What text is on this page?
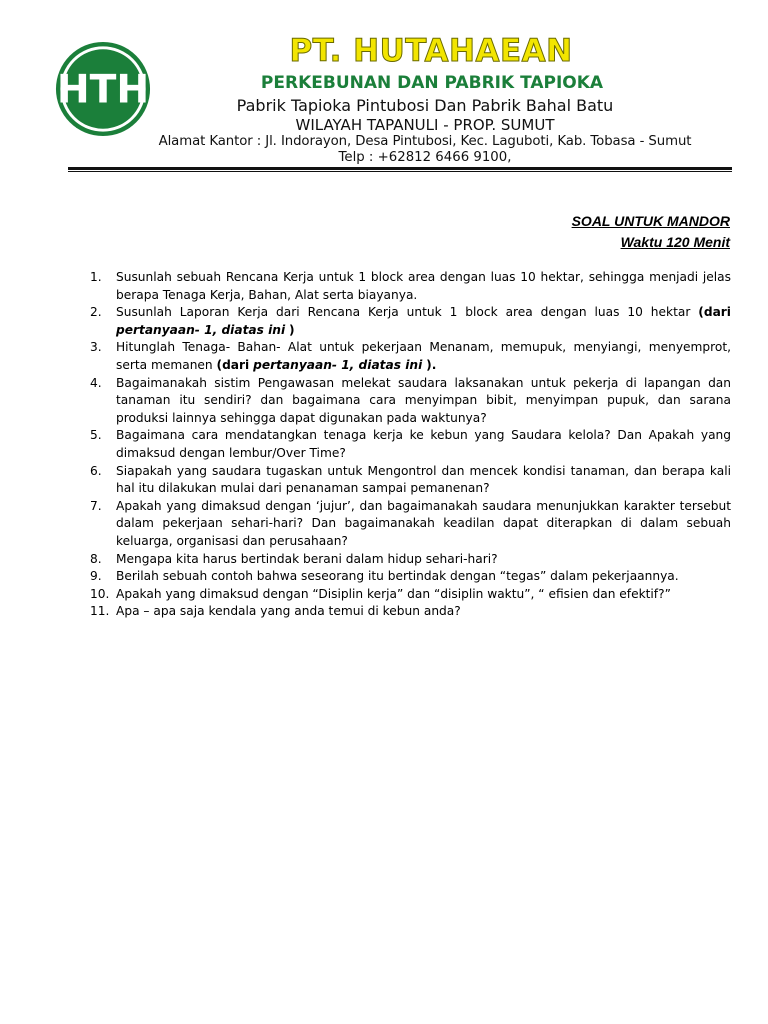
HTH
PT. HUTAHAEAN
PERKEBUNAN DAN PABRIK TAPIOKA
Pabrik Tapioka Pintubosi Dan Pabrik Bahal Batu
WILAYAH TAPANULI - PROP. SUMUT
Alamat Kantor : Jl. Indorayon, Desa Pintubosi, Kec. Laguboti, Kab. Tobasa - Sumut
Telp : +62812 6466 9100,
SOAL UNTUK MANDOR
Waktu 120 Menit
1.	Susunlah sebuah Rencana Kerja untuk 1 block area dengan luas 10 hektar, sehingga menjadi jelas berapa Tenaga Kerja, Bahan, Alat serta biayanya.
2.	Susunlah Laporan Kerja dari Rencana Kerja untuk 1 block area dengan luas 10 hektar (dari pertanyaan- 1, diatas ini )
3.	Hitunglah Tenaga- Bahan- Alat untuk pekerjaan Menanam, memupuk, menyiangi, menyemprot, serta memanen (dari pertanyaan- 1, diatas ini ).
4.	Bagaimanakah sistim Pengawasan melekat saudara laksanakan untuk pekerja di lapangan dan tanaman itu sendiri? dan bagaimana cara menyimpan bibit, menyimpan pupuk, dan sarana produksi lainnya sehingga dapat digunakan pada waktunya?
5.	Bagaimana cara mendatangkan tenaga kerja ke kebun yang Saudara kelola? Dan Apakah yang dimaksud dengan lembur/Over Time?
6.	Siapakah yang saudara tugaskan untuk Mengontrol dan mencek kondisi tanaman, dan berapa kali hal itu dilakukan mulai dari penanaman sampai pemanenan?
7.	Apakah yang dimaksud dengan ‘jujur’, dan bagaimanakah saudara menunjukkan karakter tersebut dalam pekerjaan sehari-hari? Dan bagaimanakah keadilan dapat diterapkan di dalam sebuah keluarga, organisasi dan perusahaan?
8.	Mengapa kita harus bertindak berani dalam hidup sehari-hari?
9.	Berilah sebuah contoh bahwa seseorang itu bertindak dengan “tegas” dalam pekerjaannya.
10. Apakah yang dimaksud dengan “Disiplin kerja” dan “disiplin waktu”, “ efisien dan efektif?”
11. Apa – apa saja kendala yang anda temui di kebun anda?
